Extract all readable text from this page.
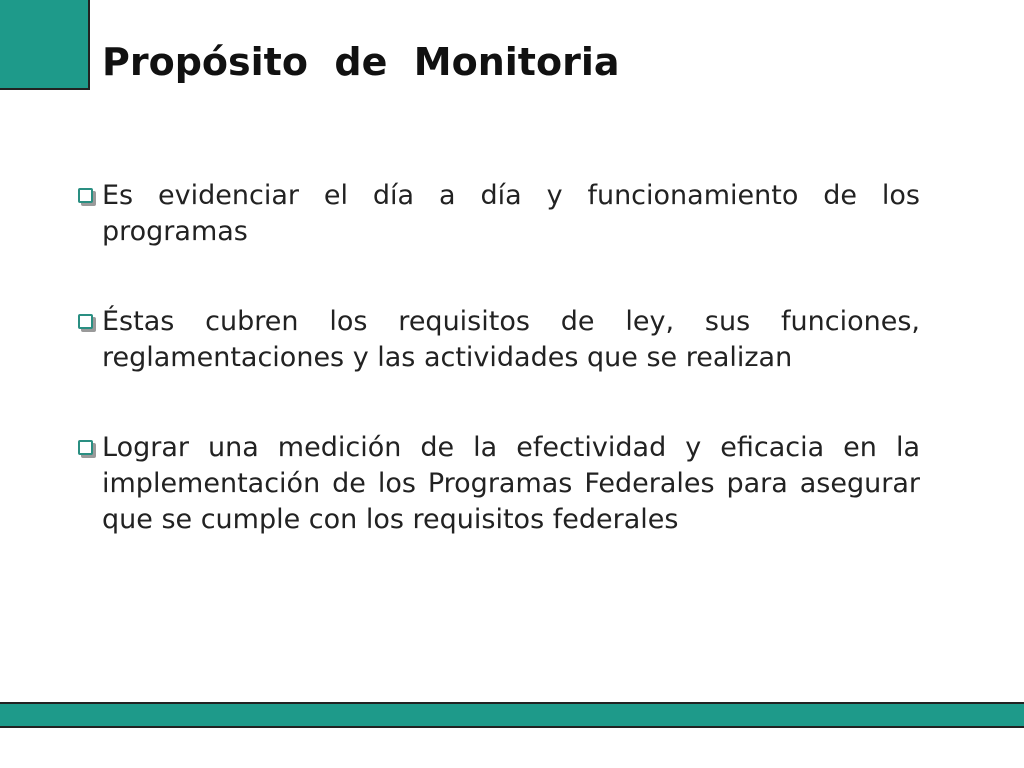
Propósito  de  Monitoria
Es evidenciar el día a día y funcionamiento de los programas
Éstas cubren los requisitos de ley, sus funciones, reglamentaciones y las actividades que se realizan
Lograr una medición de la efectividad y eficacia en la implementación de los Programas Federales para asegurar que se cumple con los requisitos federales
